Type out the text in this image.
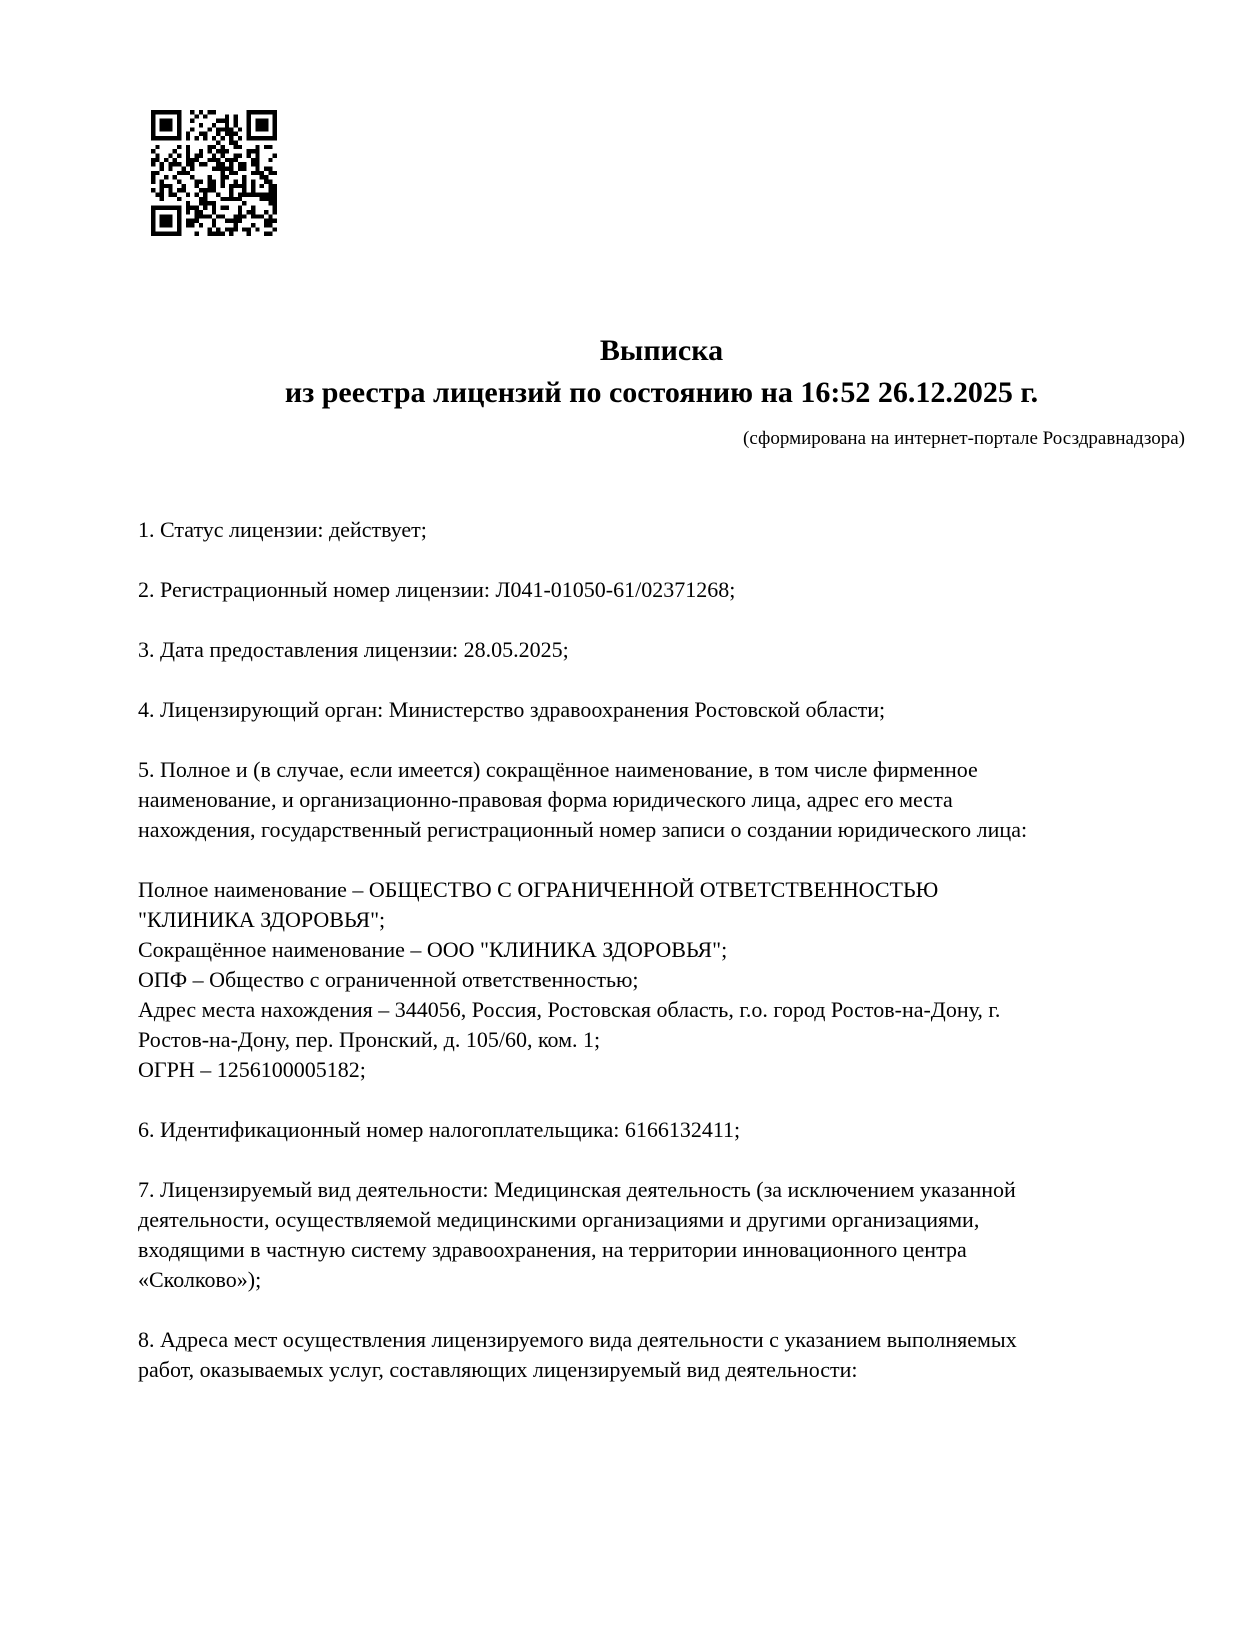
Выписка
из реестра лицензий по состоянию на 16:52 26.12.2025 г.
(сформирована на интернет-портале Росздравнадзора)

1. Статус лицензии: действует;

2. Регистрационный номер лицензии: Л041-01050-61/02371268;

3. Дата предоставления лицензии: 28.05.2025;

4. Лицензирующий орган: Министерство здравоохранения Ростовской области;

5. Полное и (в случае, если имеется) сокращённое наименование, в том числе фирменное
наименование, и организационно-правовая форма юридического лица, адрес его места
нахождения, государственный регистрационный номер записи о создании юридического лица:

Полное наименование – ОБЩЕСТВО С ОГРАНИЧЕННОЙ ОТВЕТСТВЕННОСТЬЮ
"КЛИНИКА ЗДОРОВЬЯ";
Сокращённое наименование – ООО "КЛИНИКА ЗДОРОВЬЯ";
ОПФ – Общество с ограниченной ответственностью;
Адрес места нахождения – 344056, Россия, Ростовская область, г.о. город Ростов-на-Дону, г.
Ростов-на-Дону, пер. Пронский, д. 105/60, ком. 1;
ОГРН – 1256100005182;

6. Идентификационный номер налогоплательщика: 6166132411;

7. Лицензируемый вид деятельности: Медицинская деятельность (за исключением указанной
деятельности, осуществляемой медицинскими организациями и другими организациями,
входящими в частную систему здравоохранения, на территории инновационного центра
«Сколково»);

8. Адреса мест осуществления лицензируемого вида деятельности с указанием выполняемых
работ, оказываемых услуг, составляющих лицензируемый вид деятельности:
